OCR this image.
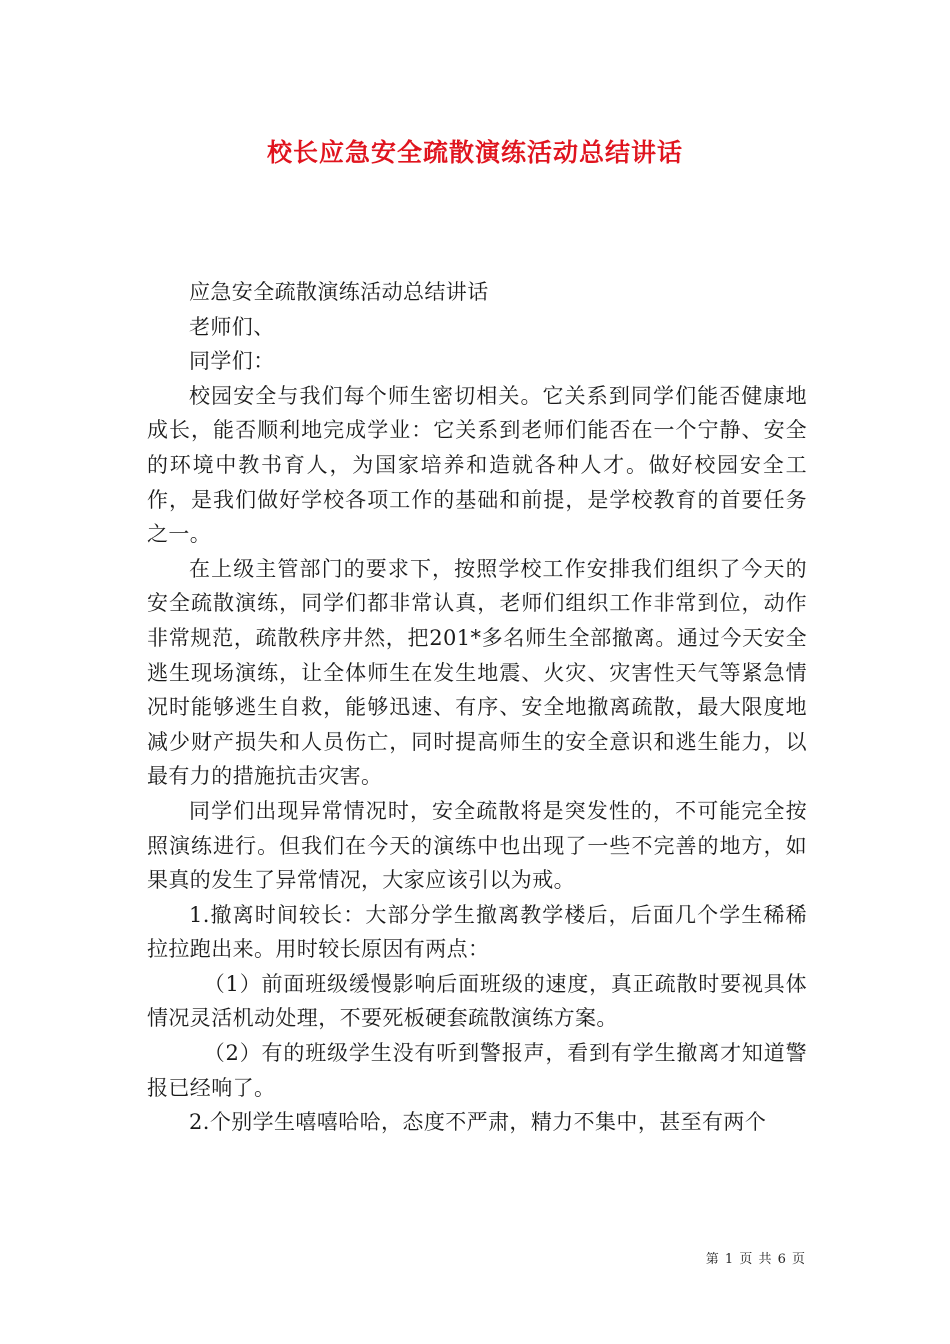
校长应急安全疏散演练活动总结讲话

应急安全疏散演练活动总结讲话

老师们、

同学们：

校园安全与我们每个师生密切相关。它关系到同学们能否健康地成长，能否顺利地完成学业：它关系到老师们能否在一个宁静、安全的环境中教书育人，为国家培养和造就各种人才。做好校园安全工作，是我们做好学校各项工作的基础和前提，是学校教育的首要任务之一。

在上级主管部门的要求下，按照学校工作安排我们组织了今天的安全疏散演练，同学们都非常认真，老师们组织工作非常到位，动作非常规范，疏散秩序井然，把201*多名师生全部撤离。通过今天安全逃生现场演练，让全体师生在发生地震、火灾、灾害性天气等紧急情况时能够逃生自救，能够迅速、有序、安全地撤离疏散，最大限度地减少财产损失和人员伤亡，同时提高师生的安全意识和逃生能力，以最有力的措施抗击灾害。

同学们出现异常情况时，安全疏散将是突发性的，不可能完全按照演练进行。但我们在今天的演练中也出现了一些不完善的地方，如果真的发生了异常情况，大家应该引以为戒。

1.撤离时间较长：大部分学生撤离教学楼后，后面几个学生稀稀拉拉跑出来。用时较长原因有两点：

（1）前面班级缓慢影响后面班级的速度，真正疏散时要视具体情况灵活机动处理，不要死板硬套疏散演练方案。

（2）有的班级学生没有听到警报声，看到有学生撤离才知道警报已经响了。

2.个别学生嘻嘻哈哈，态度不严肃，精力不集中，甚至有两个

第 1 页 共 6 页
